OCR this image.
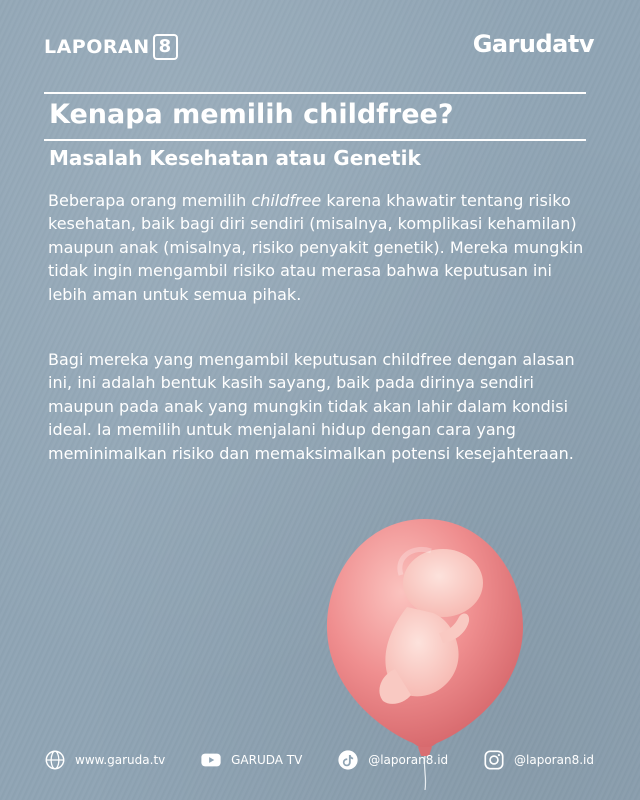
LAPORAN 8	Garudatv
Kenapa memilih childfree?
Masalah Kesehatan atau Genetik

Beberapa orang memilih childfree karena khawatir tentang risiko kesehatan, baik bagi diri sendiri (misalnya, komplikasi kehamilan) maupun anak (misalnya, risiko penyakit genetik). Mereka mungkin tidak ingin mengambil risiko atau merasa bahwa keputusan ini lebih aman untuk semua pihak.

Bagi mereka yang mengambil keputusan childfree dengan alasan ini, ini adalah bentuk kasih sayang, baik pada dirinya sendiri maupun pada anak yang mungkin tidak akan lahir dalam kondisi ideal. Ia memilih untuk menjalani hidup dengan cara yang meminimalkan risiko dan memaksimalkan potensi kesejahteraan.

www.garuda.tv	GARUDA TV	@laporan8.id	@laporan8.id
